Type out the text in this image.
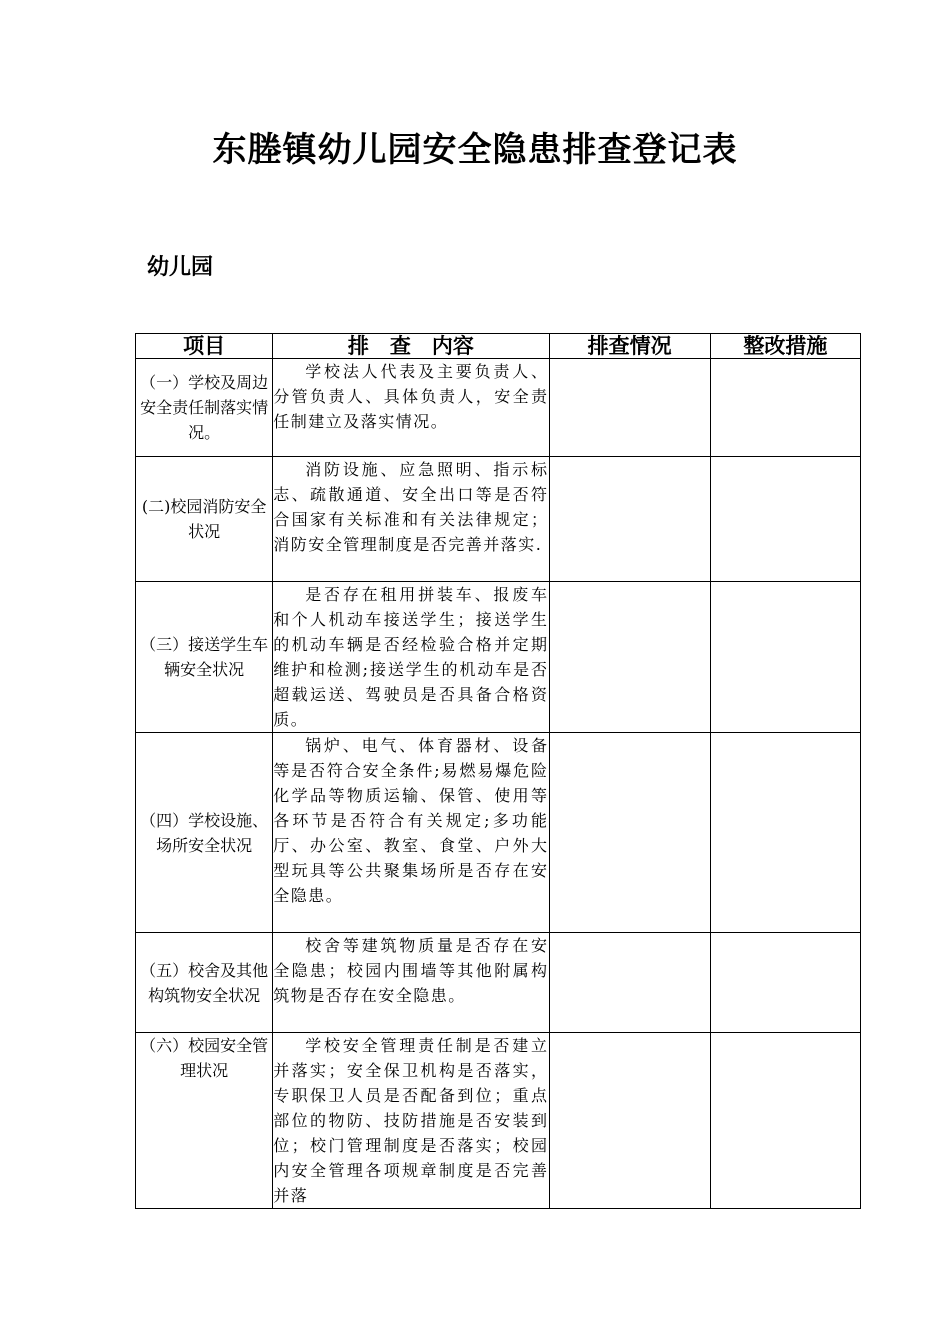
东塍镇幼儿园安全隐患排查登记表
幼儿园
项目	排　查　内容	排查情况	整改措施
（一）学校及周边安全责任制落实情况。	学校法人代表及主要负责人、分管负责人、具体负责人，安全责任制建立及落实情况。		
(二)校园消防安全状况	消防设施、应急照明、指示标志、疏散通道、安全出口等是否符合国家有关标准和有关法律规定；消防安全管理制度是否完善并落实.		
（三）接送学生车辆安全状况	是否存在租用拼装车、报废车和个人机动车接送学生；接送学生的机动车辆是否经检验合格并定期维护和检测;接送学生的机动车是否超载运送、驾驶员是否具备合格资质。		
（四）学校设施、场所安全状况	锅炉、电气、体育器材、设备等是否符合安全条件;易燃易爆危险化学品等物质运输、保管、使用等各环节是否符合有关规定;多功能厅、办公室、教室、食堂、户外大型玩具等公共聚集场所是否存在安全隐患。		
（五）校舍及其他构筑物安全状况	校舍等建筑物质量是否存在安全隐患；校园内围墙等其他附属构筑物是否存在安全隐患。		
（六）校园安全管理状况	学校安全管理责任制是否建立并落实；安全保卫机构是否落实，专职保卫人员是否配备到位；重点部位的物防、技防措施是否安装到位；校门管理制度是否落实；校园内安全管理各项规章制度是否完善并落		
